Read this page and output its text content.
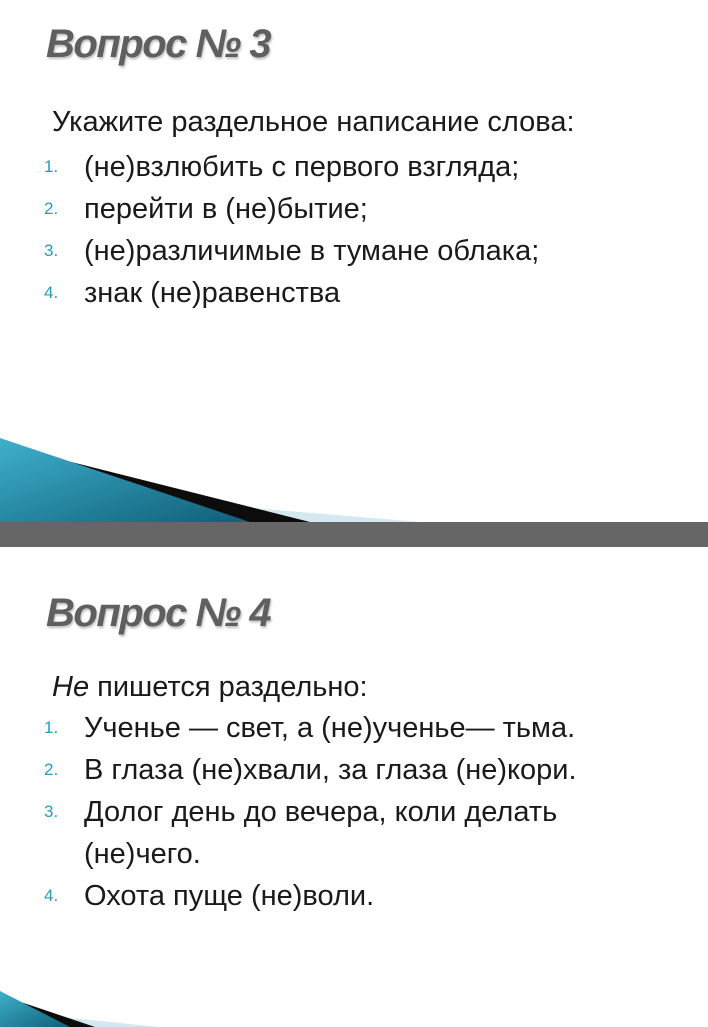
Вопрос № 3

Укажите раздельное написание слова:

1. (не)взлюбить с первого взгляда;
2. перейти в (не)бытие;
3. (не)различимые в тумане облака;
4. знак (не)равенства
Вопрос № 4

Не пишется раздельно:

1. Ученье — свет, а (не)ученье— тьма.
2. В глаза (не)хвали, за глаза (не)кори.
3. Долог день до вечера, коли делать (не)чего.
4. Охота пуще (не)воли.
